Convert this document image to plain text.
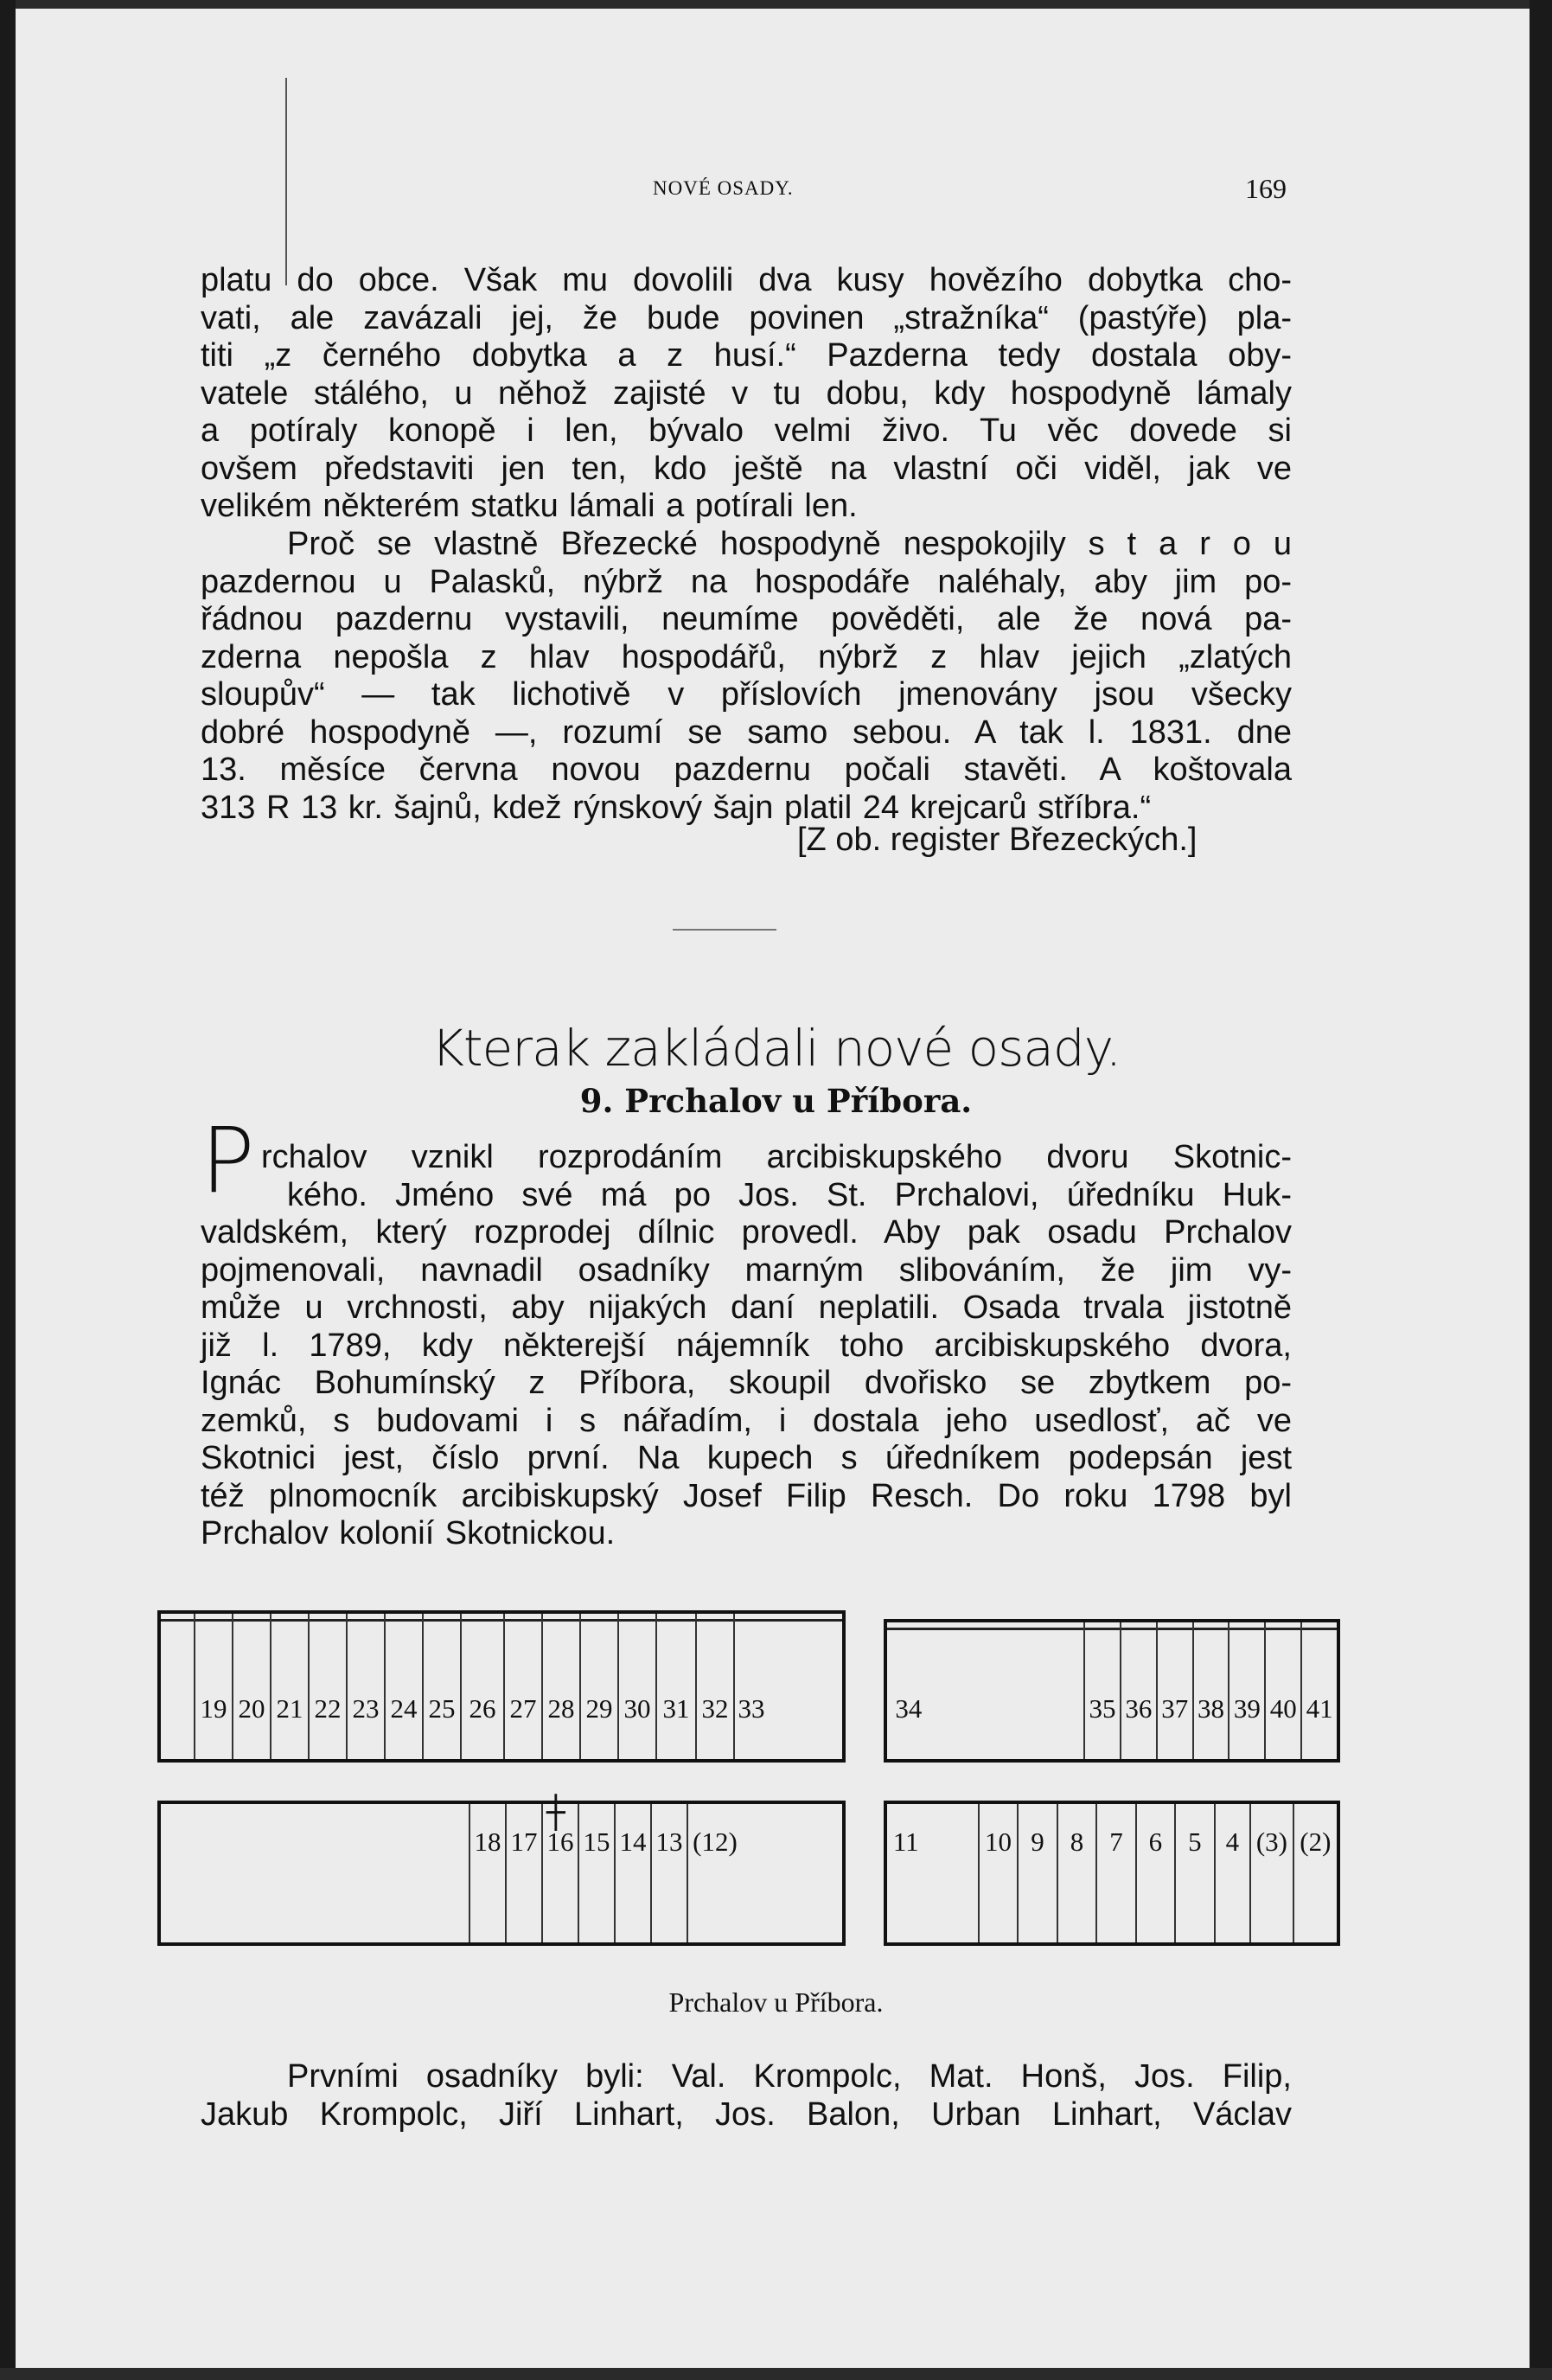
NOVÉ OSADY.	169
platu do obce. Však mu dovolili dva kusy hovězího dobytka cho-
vati, ale zavázali jej, že bude povinen „stražníka“ (pastýře) pla-
titi „z černého dobytka a z husí.“ Pazderna tedy dostala oby-
vatele stálého, u něhož zajisté v tu dobu, kdy hospodyně lámaly
a potíraly konopě i len, bývalo velmi živo. Tu věc dovede si
ovšem představiti jen ten, kdo ještě na vlastní oči viděl, jak ve
velikém některém statku lámali a potírali len.
Proč se vlastně Březecké hospodyně nespokojily s t a r o u
pazdernou u Palasků, nýbrž na hospodáře naléhaly, aby jim po-
řádnou pazdernu vystavili, neumíme pověděti, ale že nová pa-
zderna nepošla z hlav hospodářů, nýbrž z hlav jejich „zlatých
sloupův“ — tak lichotivě v příslovích jmenovány jsou všecky
dobré hospodyně —, rozumí se samo sebou. A tak l. 1831. dne
13. měsíce června novou pazdernu počali stavěti. A koštovala
313 R 13 kr. šajnů, kdež rýnskový šajn platil 24 krejcarů stříbra.“
[Z ob. register Březeckých.]
Kterak zakládali nové osady.
9. Prchalov u Příbora.
P rchalov vznikl rozprodáním arcibiskupského dvoru Skotnic-
kého. Jméno své má po Jos. St. Prchalovi, úředníku Huk-
valdském, který rozprodej dílnic provedl. Aby pak osadu Prchalov
pojmenovali, navnadil osadníky marným slibováním, že jim vy-
může u vrchnosti, aby nijakých daní neplatili. Osada trvala jistotně
již l. 1789, kdy některejší nájemník toho arcibiskupského dvora,
Ignác Bohumínský z Příbora, skoupil dvořisko se zbytkem po-
zemků, s budovami i s nářadím, i dostala jeho usedlosť, ač ve
Skotnici jest, číslo první. Na kupech s úředníkem podepsán jest
též plnomocník arcibiskupský Josef Filip Resch. Do roku 1798 byl
Prchalov kolonií Skotnickou.
19 20 21 22 23 24 25 26 27 28 29 30 31 32 33	34	35 36 37 38 39 40 41
18 17 16 15 14 13 (12)	11 10 9 8 7 6 5 4 (3) (2)
┼
Prchalov u Příbora.
Prvními osadníky byli: Val. Krompolc, Mat. Honš, Jos. Filip,
Jakub Krompolc, Jiří Linhart, Jos. Balon, Urban Linhart, Václav
